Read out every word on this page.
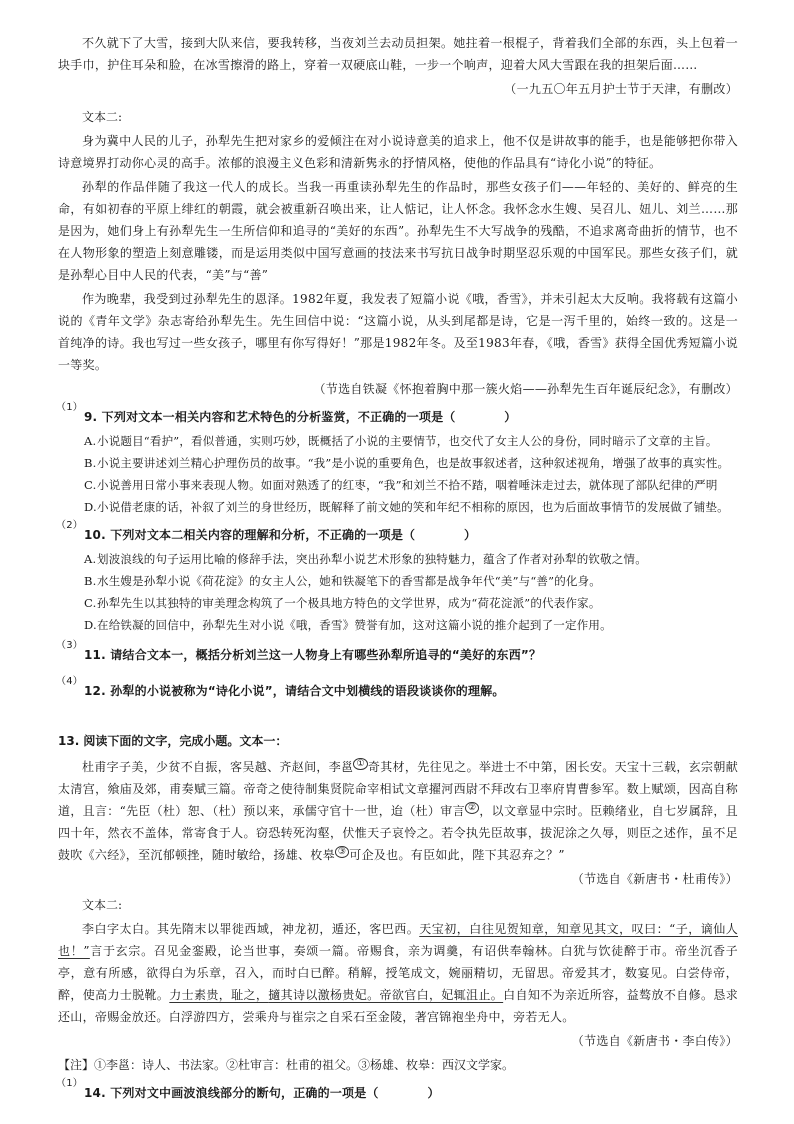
不久就下了大雪，接到大队来信，要我转移，当夜刘兰去动员担架。她拄着一根棍子，背着我们全部的东西，头上包着一块手巾，护住耳朵和脸，在冰雪擦滑的路上，穿着一双硬底山鞋，一步一个响声，迎着大风大雪跟在我的担架后面……

（一九五〇年五月护士节于天津，有删改）

文本二:

身为冀中人民的儿子，孙犁先生把对家乡的爱倾注在对小说诗意美的追求上，他不仅是讲故事的能手，也是能够把你带入诗意境界打动你心灵的高手。浓郁的浪漫主义色彩和清新隽永的抒情风格，使他的作品具有“诗化小说”的特征。

孙犁的作品伴随了我这一代人的成长。当我一再重读孙犁先生的作品时，那些女孩子们——年轻的、美好的、鲜亮的生命，有如初春的平原上绯红的朝霞，就会被重新召唤出来，让人惦记，让人怀念。我怀念水生嫂、吴召儿、妞儿、刘兰……那是因为，她们身上有孙犁先生一生所信仰和追寻的“美好的东西”。孙犁先生不大写战争的残酷，不追求离奇曲折的情节，也不在人物形象的塑造上刻意雕镂，而是运用类似中国写意画的技法来书写抗日战争时期坚忍乐观的中国军民。那些女孩子们，就是孙犁心目中人民的代表，“美”与“善”

作为晚辈，我受到过孙犁先生的恩泽。1982年夏，我发表了短篇小说《哦，香雪》，并未引起太大反响。我将载有这篇小说的《青年文学》杂志寄给孙犁先生。先生回信中说：“这篇小说，从头到尾都是诗，它是一泻千里的，始终一致的。这是一首纯净的诗。我也写过一些女孩子，哪里有你写得好！”那是1982年冬。及至1983年春，《哦，香雪》获得全国优秀短篇小说一等奖。

（节选自铁凝《怀抱着胸中那一簇火焰——孙犁先生百年诞辰纪念》，有删改）

（1）
9. 下列对文本一相关内容和艺术特色的分析鉴赏，不正确的一项是（　　　　）

A.小说题目“看护”，看似普通，实则巧妙，既概括了小说的主要情节，也交代了女主人公的身份，同时暗示了文章的主旨。

B.小说主要讲述刘兰精心护理伤员的故事。“我”是小说的重要角色，也是故事叙述者，这种叙述视角，增强了故事的真实性。

C.小说善用日常小事来表现人物。如面对熟透了的红枣，“我”和刘兰不拾不踏，咽着唾沫走过去，就体现了部队纪律的严明

D.小说借老康的话，补叙了刘兰的身世经历，既解释了前文她的笑和年纪不相称的原因，也为后面故事情节的发展做了铺垫。

（2）
10. 下列对文本二相关内容的理解和分析，不正确的一项是（　　　　）

A.划波浪线的句子运用比喻的修辞手法，突出孙犁小说艺术形象的独特魅力，蕴含了作者对孙犁的钦敬之情。

B.水生嫂是孙犁小说《荷花淀》的女主人公，她和铁凝笔下的香雪都是战争年代“美”与“善”的化身。

C.孙犁先生以其独特的审美理念构筑了一个极具地方特色的文学世界，成为“荷花淀派”的代表作家。

D.在给铁凝的回信中，孙犁先生对小说《哦，香雪》赞誉有加，这对这篇小说的推介起到了一定作用。

（3）
11. 请结合文本一，概括分析刘兰这一人物身上有哪些孙犁所追寻的“美好的东西”？
（4）
12. 孙犁的小说被称为“诗化小说”，请结合文中划横线的语段谈谈你的理解。

13. 阅读下面的文字，完成小题。文本一：

杜甫字子美，少贫不自振，客吴越、齐赵间，李邕 ① 奇其材，先往见之。举进士不中第，困长安。天宝十三载，玄宗朝献太清宫，飨庙及郊，甫奏赋三篇。帝奇之使待制集贤院命宰相试文章擢河西尉不拜改右卫率府胄曹参军。数上赋颂，因高自称道，且言：“先臣（杜）恕、（杜）预以来，承儒守官十一世，迨（杜）审言 ② ，以文章显中宗时。臣赖绪业，自七岁属辞，且四十年，然衣不盖体，常寄食于人。窃恐转死沟壑，伏惟天子哀怜之。若令执先臣故事，拔泥涂之久辱，则臣之述作，虽不足鼓吹《六经》，至沉郁顿挫，随时敏给，扬雄、枚皋 ③ 可企及也。有臣如此，陛下其忍弃之？”

（节选自《新唐书・杜甫传》）

文本二:

李白字太白。其先隋末以罪徙西域，神龙初，遁还，客巴西。天宝初，白往见贺知章，知章见其文，叹曰：“子，谪仙人也！”言于玄宗。召见金銮殿，论当世事，奏颂一篇。帝赐食，亲为调羹，有诏供奉翰林。白犹与饮徒醉于市。帝坐沉香子亭，意有所感，欲得白为乐章，召入，而时白已醉。稍解，授笔成文，婉丽精切，无留思。帝爱其才，数宴见。白尝侍帝，醉，使高力士脱靴。力士素贵，耻之，擿其诗以激杨贵妃。帝欲官白，妃辄沮止。白自知不为亲近所容，益骜放不自修。恳求还山，帝赐金放还。白浮游四方，尝乘舟与崔宗之自采石至金陵，著宫锦袍坐舟中，旁若无人。

（节选自《新唐书・李白传》）

【注】①李邕：诗人、书法家。②杜审言：杜甫的祖父。③杨雄、枚皋：西汉文学家。

（1）
14. 下列对文中画波浪线部分的断句，正确的一项是（　　　　）
